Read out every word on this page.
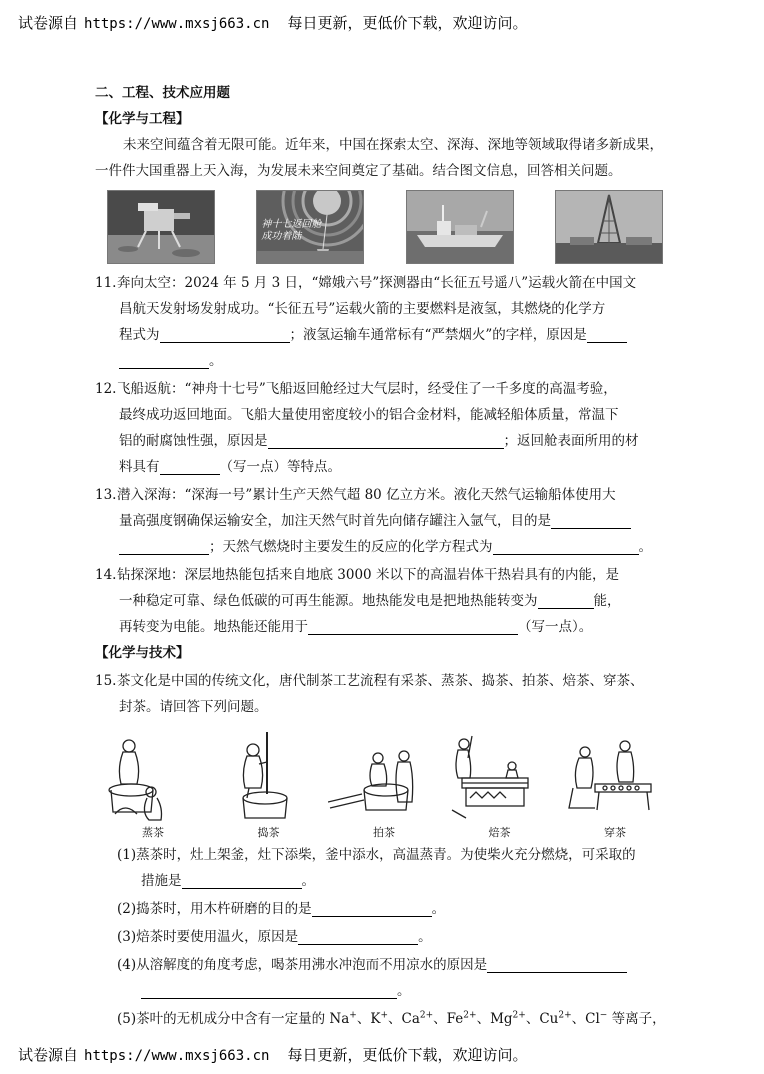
试卷源自 https://www.mxsj663.cn 每日更新，更低价下载，欢迎访问。
二、工程、技术应用题
【化学与工程】

未来空间蕴含着无限可能。近年来，中国在探索太空、深海、深地等领域取得诸多新成果，一件件大国重器上天入海，为发展未来空间奠定了基础。结合图文信息，回答相关问题。

神十七返回舱成功着陆
11.奔向太空：2024 年 5 月 3 日，“嫦娥六号”探测器由“长征五号遥八”运载火箭在中国文
昌航天发射场发射成功。“长征五号”运载火箭的主要燃料是液氢，其燃烧的化学方
程式为	；液氢运输车通常标有“严禁烟火”的字样，原因是
。
12.飞船返航：“神舟十七号”飞船返回舱经过大气层时，经受住了一千多度的高温考验，
最终成功返回地面。飞船大量使用密度较小的铝合金材料，能减轻船体质量，常温下
铝的耐腐蚀性强，原因是	；返回舱表面所用的材
料具有	（写一点）等特点。
13.潜入深海：“深海一号”累计生产天然气超 80 亿立方米。液化天然气运输船体使用大
量高强度钢确保运输安全，加注天然气时首先向储存罐注入氩气，目的是
；天然气燃烧时主要发生的反应的化学方程式为	。
14.钻探深地：深层地热能包括来自地底 3000 米以下的高温岩体干热岩具有的内能，是
一种稳定可靠、绿色低碳的可再生能源。地热能发电是把地热能转变为	能，
再转变为电能。地热能还能用于	（写一点）。
【化学与技术】
15.茶文化是中国的传统文化，唐代制茶工艺流程有采茶、蒸茶、捣茶、拍茶、焙茶、穿茶、
封茶。请回答下列问题。
蒸茶	捣茶	拍茶	焙茶	穿茶
(1)蒸茶时，灶上架釜，灶下添柴，釜中添水，高温蒸青。为使柴火充分燃烧，可采取的
措施是	。
(2)捣茶时，用木杵研磨的目的是	。
(3)焙茶时要使用温火，原因是	。
(4)从溶解度的角度考虑，喝茶用沸水冲泡而不用凉水的原因是
。
(5)茶叶的无机成分中含有一定量的 Na+、K+、$Ca^{2+}$、$Fe^{2+}$、$Mg^{2+}$、$Cu^{2+}$、Cl− 等离子，
试卷源自 https://www.mxsj663.cn 每日更新，更低价下载，欢迎访问。
